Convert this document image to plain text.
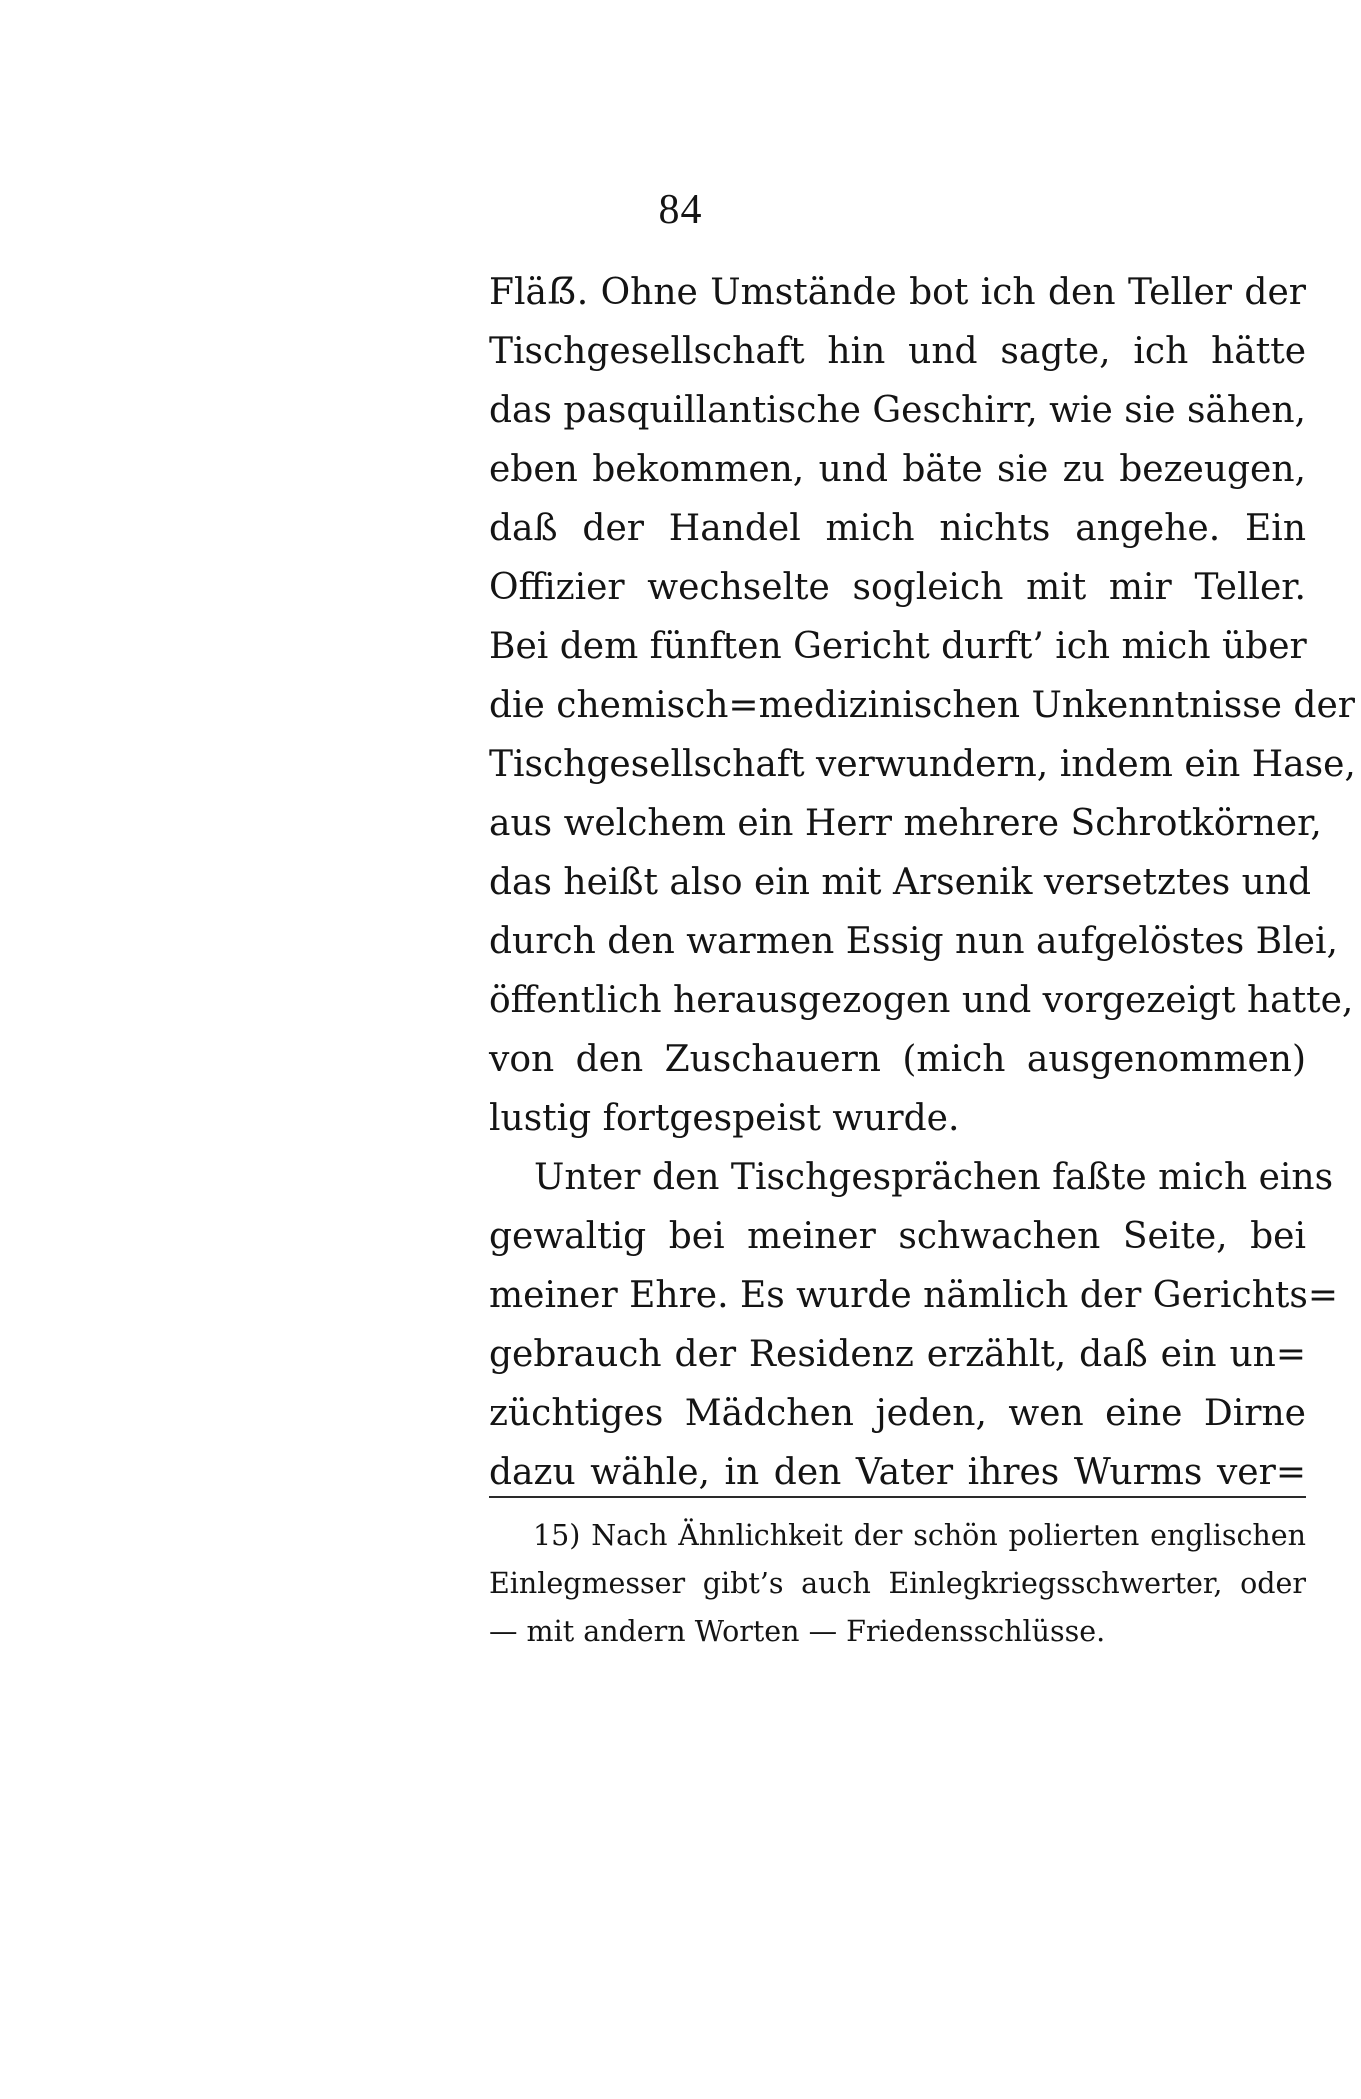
84
Fläẞ. Ohne Umstände bot ich den Teller der
Tischgesellschaft hin und sagte, ich hätte
das pasquillantische Geschirr, wie sie sähen,
eben bekommen, und bäte sie zu bezeugen,
daß der Handel mich nichts angehe. Ein
Offizier wechselte sogleich mit mir Teller.
Bei dem fünften Gericht durft’ ich mich über
die chemisch=medizinischen Unkenntnisse der
Tischgesellschaft verwundern, indem ein Hase,
aus welchem ein Herr mehrere Schrotkörner,
das heißt also ein mit Arsenik versetztes und
durch den warmen Essig nun aufgelöstes Blei,
öffentlich herausgezogen und vorgezeigt hatte,
von den Zuschauern (mich ausgenommen)
lustig fortgespeist wurde.
Unter den Tischgesprächen faßte mich eins
gewaltig bei meiner schwachen Seite, bei
meiner Ehre. Es wurde nämlich der Gerichts=
gebrauch der Residenz erzählt, daß ein un=
züchtiges Mädchen jeden, wen eine Dirne
dazu wähle, in den Vater ihres Wurms ver=
15) Nach Ähnlichkeit der schön polierten englischen
Einlegmesser gibt’s auch Einlegkriegsschwerter, oder
— mit andern Worten — Friedensschlüsse.
